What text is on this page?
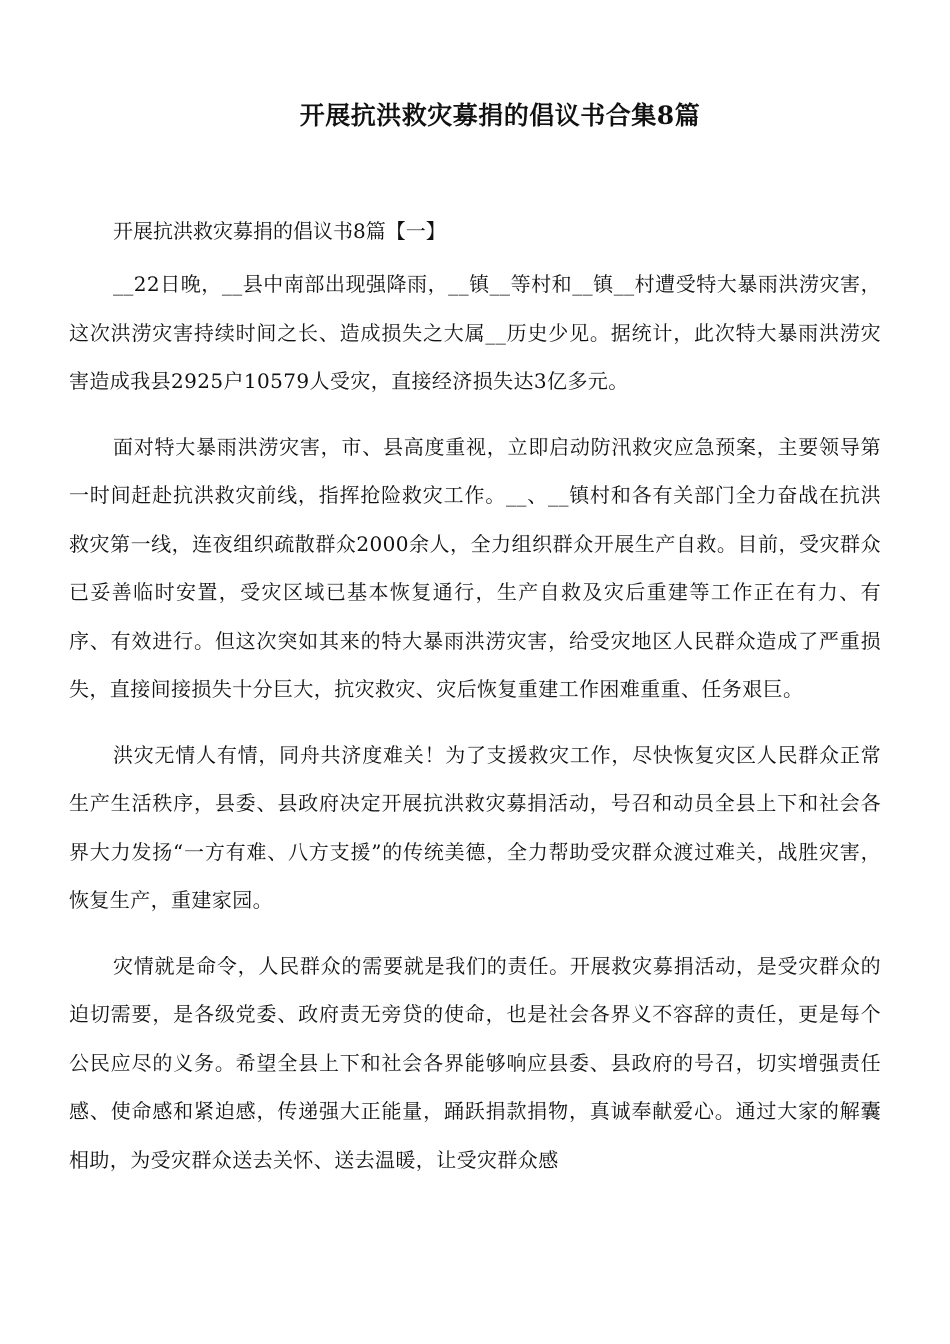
开展抗洪救灾募捐的倡议书合集8篇

开展抗洪救灾募捐的倡议书8篇【一】

__22日晚，__县中南部出现强降雨，__镇__等村和__镇__村遭受特大暴雨洪涝灾害，这次洪涝灾害持续时间之长、造成损失之大属__历史少见。据统计，此次特大暴雨洪涝灾害造成我县2925户10579人受灾，直接经济损失达3亿多元。

面对特大暴雨洪涝灾害，市、县高度重视，立即启动防汛救灾应急预案，主要领导第一时间赶赴抗洪救灾前线，指挥抢险救灾工作。__、__镇村和各有关部门全力奋战在抗洪救灾第一线，连夜组织疏散群众2000余人，全力组织群众开展生产自救。目前，受灾群众已妥善临时安置，受灾区域已基本恢复通行，生产自救及灾后重建等工作正在有力、有序、有效进行。但这次突如其来的特大暴雨洪涝灾害，给受灾地区人民群众造成了严重损失，直接间接损失十分巨大，抗灾救灾、灾后恢复重建工作困难重重、任务艰巨。

洪灾无情人有情，同舟共济度难关！为了支援救灾工作，尽快恢复灾区人民群众正常生产生活秩序，县委、县政府决定开展抗洪救灾募捐活动，号召和动员全县上下和社会各界大力发扬“一方有难、八方支援”的传统美德，全力帮助受灾群众渡过难关，战胜灾害，恢复生产，重建家园。

灾情就是命令，人民群众的需要就是我们的责任。开展救灾募捐活动，是受灾群众的迫切需要，是各级党委、政府责无旁贷的使命，也是社会各界义不容辞的责任，更是每个公民应尽的义务。希望全县上下和社会各界能够响应县委、县政府的号召，切实增强责任感、使命感和紧迫感，传递强大正能量，踊跃捐款捐物，真诚奉献爱心。通过大家的解囊相助，为受灾群众送去关怀、送去温暖，让受灾群众感
